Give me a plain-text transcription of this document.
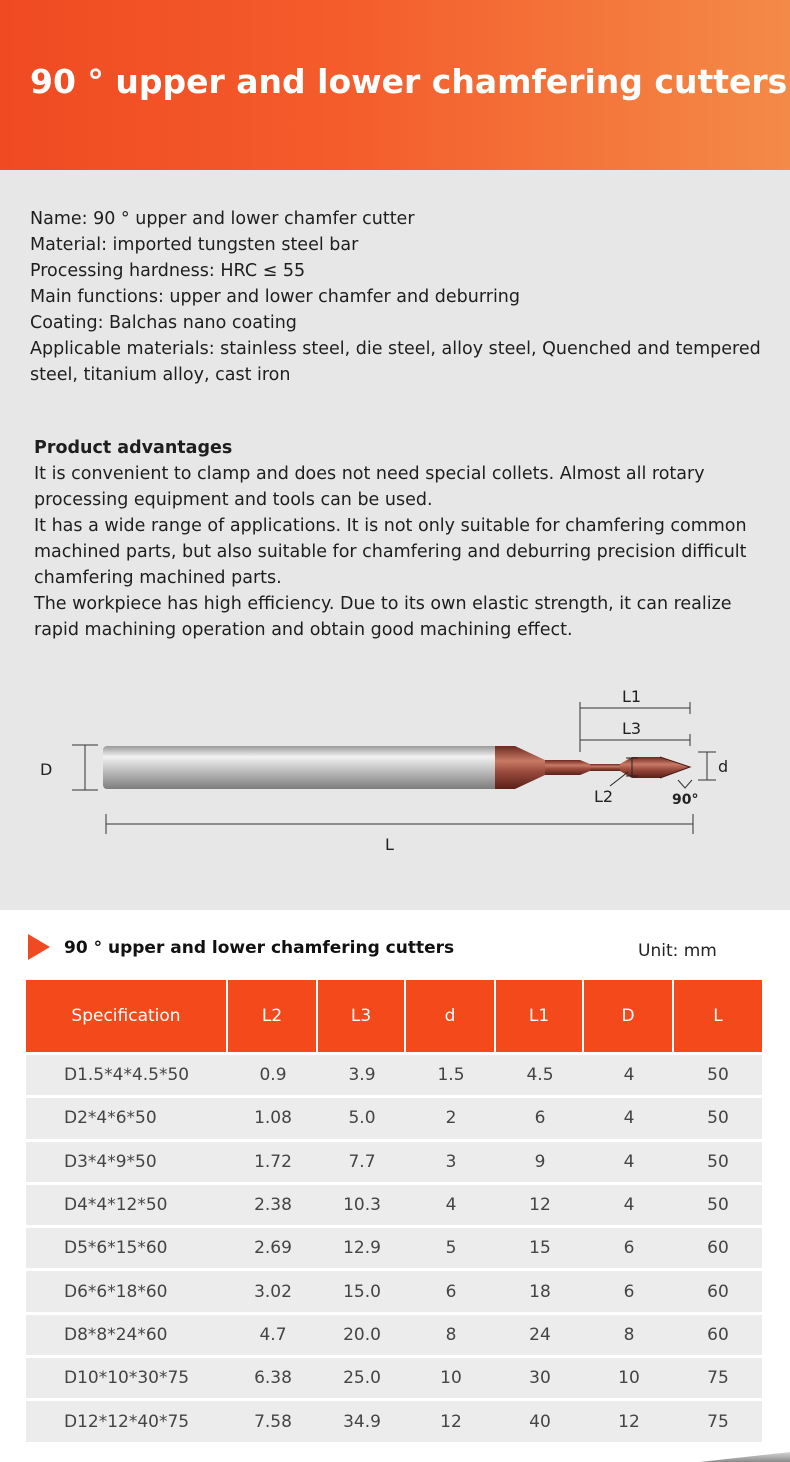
90 ° upper and lower chamfering cutters

Name: 90 ° upper and lower chamfer cutter

Material: imported tungsten steel bar

Processing hardness: HRC ≤ 55

Main functions: upper and lower chamfer and deburring

Coating: Balchas nano coating

Applicable materials: stainless steel, die steel, alloy steel, Quenched and tempered

steel, titanium alloy, cast iron

Product advantages

It is convenient to clamp and does not need special collets. Almost all rotary

processing equipment and tools can be used.

It has a wide range of applications. It is not only suitable for chamfering common

machined parts, but also suitable for chamfering and deburring precision difficult

chamfering machined parts.

The workpiece has high efficiency. Due to its own elastic strength, it can realize

rapid machining operation and obtain good machining effect.

D
L1
L3
L2
d
90°
L
90 ° upper and lower chamfering cutters	Unit: mm
Specification	L2	L3	d	L1	D	L
D1.5*4*4.5*50	0.9	3.9	1.5	4.5	4	50
D2*4*6*50	1.08	5.0	2	6	4	50
D3*4*9*50	1.72	7.7	3	9	4	50
D4*4*12*50	2.38	10.3	4	12	4	50
D5*6*15*60	2.69	12.9	5	15	6	60
D6*6*18*60	3.02	15.0	6	18	6	60
D8*8*24*60	4.7	20.0	8	24	8	60
D10*10*30*75	6.38	25.0	10	30	10	75
D12*12*40*75	7.58	34.9	12	40	12	75
